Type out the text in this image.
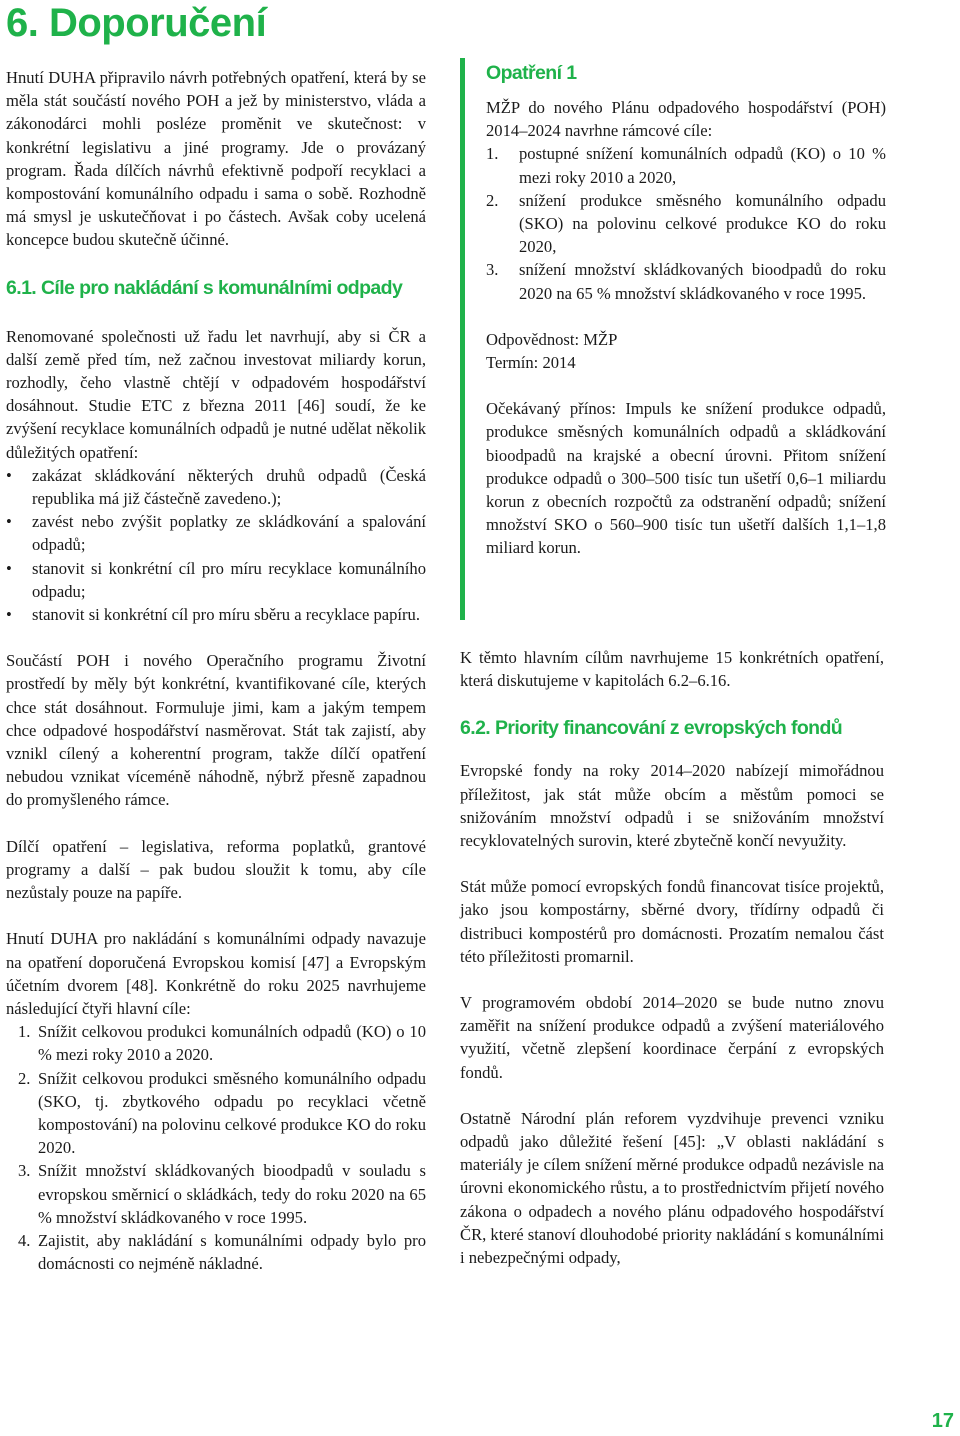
6. Doporučení

Hnutí DUHA připravilo návrh potřebných opatření, která by se měla stát součástí nového POH a jež by ministerstvo, vláda a zákonodárci mohli posléze proměnit ve skutečnost: v konkrétní legislativu a jiné programy. Jde o provázaný program. Řada dílčích návrhů efektivně podpoří recyklaci a kompostování komunálního odpadu i sama o sobě. Rozhodně má smysl je uskutečňovat i po částech. Avšak coby ucelená koncepce budou skutečně účinné.

6.1. Cíle pro nakládání s komunálními odpady

Renomované společnosti už řadu let navrhují, aby si ČR a další země před tím, než začnou investovat miliardy korun, rozhodly, čeho vlastně chtějí v odpadovém hospodářství dosáhnout. Studie ETC z března 2011 [46] soudí, že ke zvýšení recyklace komunálních odpadů je nutné udělat několik důležitých opatření:

• zakázat skládkování některých druhů odpadů (Česká republika má již částečně zavedeno.);
• zavést nebo zvýšit poplatky ze skládkování a spalování odpadů;
• stanovit si konkrétní cíl pro míru recyklace komunálního odpadu;
• stanovit si konkrétní cíl pro míru sběru a recyklace papíru.

Součástí POH i nového Operačního programu Životní prostředí by měly být konkrétní, kvantifikované cíle, kterých chce stát dosáhnout. Formuluje jimi, kam a jakým tempem chce odpadové hospodářství nasměrovat. Stát tak zajistí, aby vznikl cílený a koherentní program, takže dílčí opatření nebudou vznikat víceméně náhodně, nýbrž přesně zapadnou do promyšleného rámce.

Dílčí opatření – legislativa, reforma poplatků, grantové programy a další – pak budou sloužit k tomu, aby cíle nezůstaly pouze na papíře.

Hnutí DUHA pro nakládání s komunálními odpady navazuje na opatření doporučená Evropskou komisí [47] a Evropským účetním dvorem [48]. Konkrétně do roku 2025 navrhujeme následující čtyři hlavní cíle:

1. Snížit celkovou produkci komunálních odpadů (KO) o 10 % mezi roky 2010 a 2020.
2. Snížit celkovou produkci směsného komunálního odpadu (SKO, tj. zbytkového odpadu po recyklaci včetně kompostování) na polovinu celkové produkce KO do roku 2020.
3. Snížit množství skládkovaných bioodpadů v souladu s evropskou směrnicí o skládkách, tedy do roku 2020 na 65 % množství skládkovaného v roce 1995.
4. Zajistit, aby nakládání s komunálními odpady bylo pro domácnosti co nejméně nákladné.
Opatření 1

MŽP do nového Plánu odpadového hospodářství (POH) 2014–2024 navrhne rámcové cíle:

1. postupné snížení komunálních odpadů (KO) o 10 % mezi roky 2010 a 2020,
2. snížení produkce směsného komunálního odpadu (SKO) na polovinu celkové produkce KO do roku 2020,
3. snížení množství skládkovaných bioodpadů do roku 2020 na 65 % množství skládkovaného v roce 1995.
Odpovědnost: MŽP

Termín: 2014

Očekávaný přínos: Impuls ke snížení produkce odpadů, produkce směsných komunálních odpadů a skládkování bioodpadů na krajské a obecní úrovni. Přitom snížení produkce odpadů o 300–500 tisíc tun ušetří 0,6–1 miliardu korun z obecních rozpočtů za odstranění odpadů; snížení množství SKO o 560–900 tisíc tun ušetří dalších 1,1–1,8 miliard korun.

K těmto hlavním cílům navrhujeme 15 konkrétních opatření, která diskutujeme v kapitolách 6.2–6.16.

6.2. Priority financování z evropských fondů

Evropské fondy na roky 2014–2020 nabízejí mimořádnou příležitost, jak stát může obcím a městům pomoci se snižováním množství odpadů i se snižováním množství recyklovatelných surovin, které zbytečně končí nevyužity.

Stát může pomocí evropských fondů financovat tisíce projektů, jako jsou kompostárny, sběrné dvory, třídírny odpadů či distribuci kompostérů pro domácnosti. Prozatím nemalou část této příležitosti promarnil.

V programovém období 2014–2020 se bude nutno znovu zaměřit na snížení produkce odpadů a zvýšení materiálového využití, včetně zlepšení koordinace čerpání z evropských fondů.

Ostatně Národní plán reforem vyzdvihuje prevenci vzniku odpadů jako důležité řešení [45]: „V oblasti nakládání s materiály je cílem snížení měrné produkce odpadů nezávisle na úrovni ekonomického růstu, a to prostřednictvím přijetí nového zákona o odpadech a nového plánu odpadového hospodářství ČR, které stanoví dlouhodobé priority nakládání s komunálními i nebezpečnými odpady,

17
